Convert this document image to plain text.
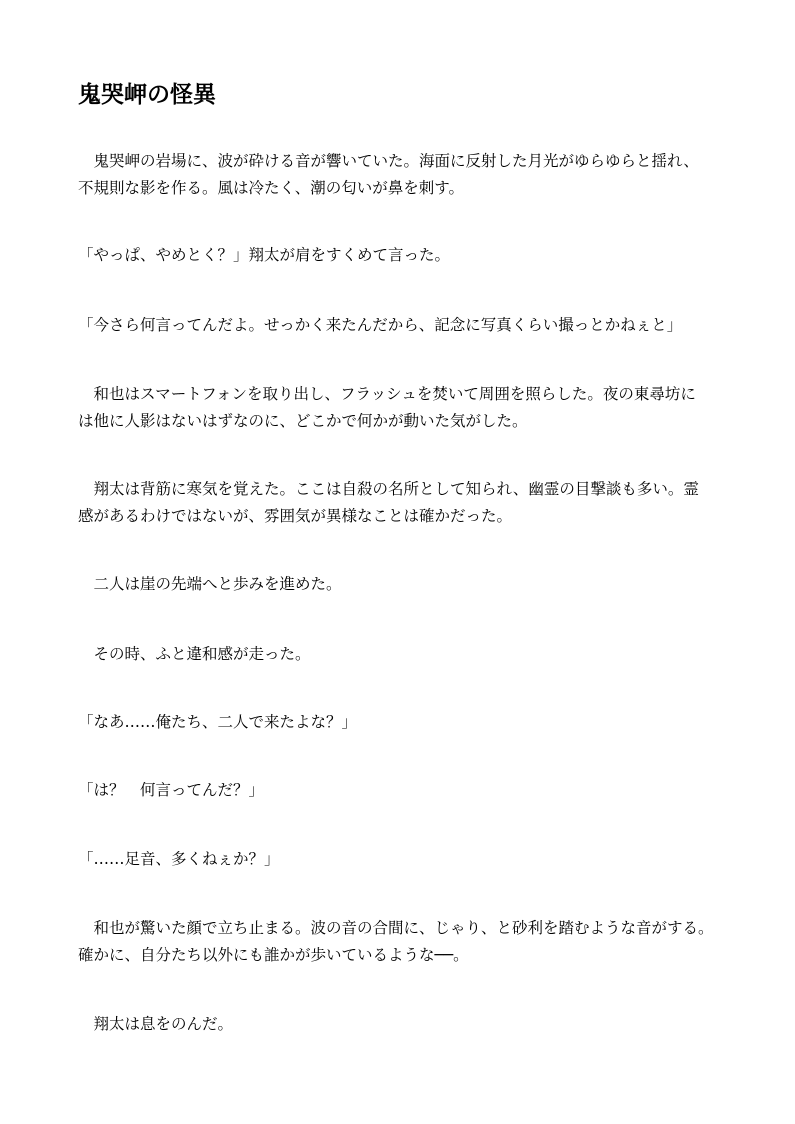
鬼哭岬の怪異

　鬼哭岬の岩場に、波が砕ける音が響いていた。海面に反射した月光がゆらゆらと揺れ、
不規則な影を作る。風は冷たく、潮の匂いが鼻を刺す。

「やっぱ、やめとく？」翔太が肩をすくめて言った。

「今さら何言ってんだよ。せっかく来たんだから、記念に写真くらい撮っとかねぇと」

　和也はスマートフォンを取り出し、フラッシュを焚いて周囲を照らした。夜の東尋坊に
は他に人影はないはずなのに、どこかで何かが動いた気がした。

　翔太は背筋に寒気を覚えた。ここは自殺の名所として知られ、幽霊の目撃談も多い。霊
感があるわけではないが、雰囲気が異様なことは確かだった。

　二人は崖の先端へと歩みを進めた。

　その時、ふと違和感が走った。

「なあ……俺たち、二人で来たよな？」

「は？　何言ってんだ？」

「……足音、多くねぇか？」

　和也が驚いた顔で立ち止まる。波の音の合間に、じゃり、と砂利を踏むような音がする。
確かに、自分たち以外にも誰かが歩いているような──。

　翔太は息をのんだ。
